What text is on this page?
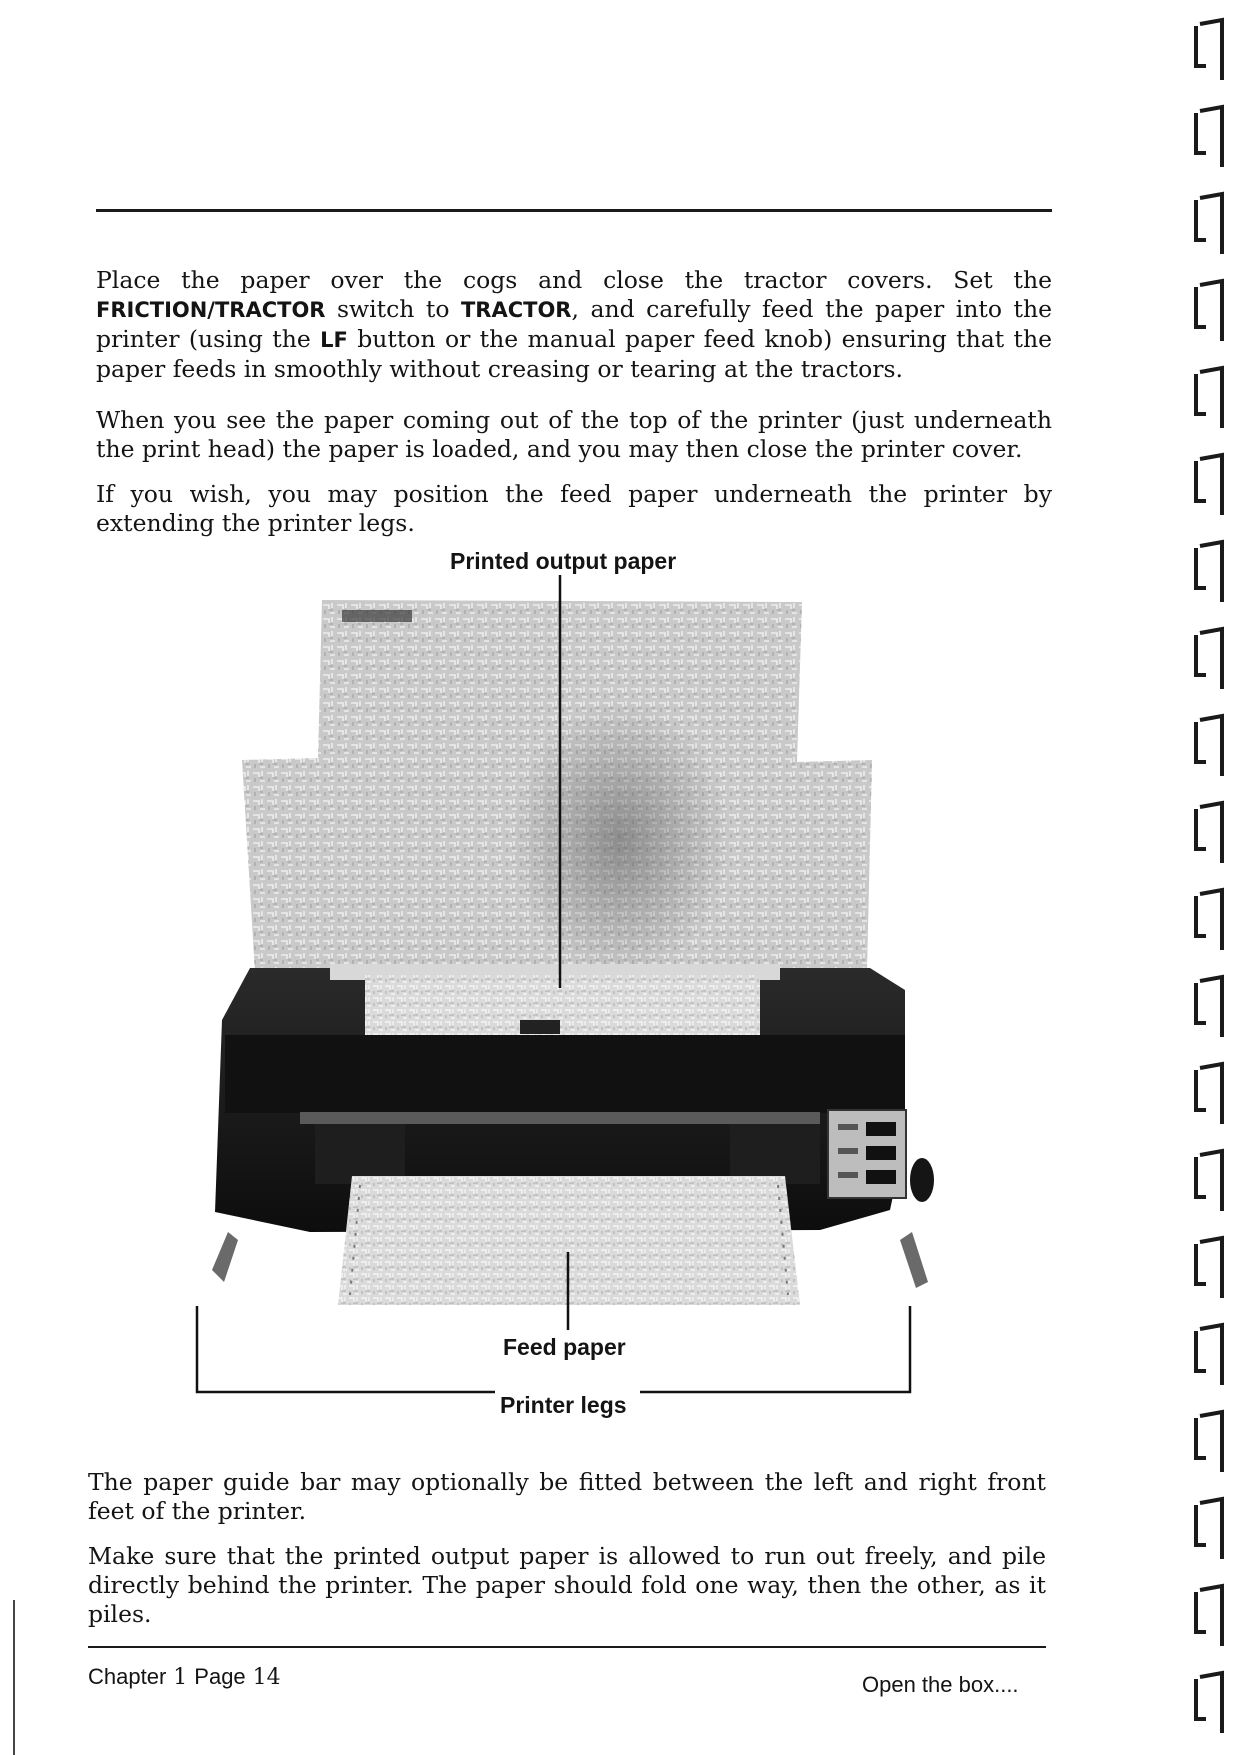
Place the paper over the cogs and close the tractor covers. Set the FRICTION/TRACTOR switch to TRACTOR, and carefully feed the paper into the printer (using the LF button or the manual paper feed knob) ensuring that the paper feeds in smoothly without creasing or tearing at the tractors.

When you see the paper coming out of the top of the printer (just underneath the print head) the paper is loaded, and you may then close the printer cover.

If you wish, you may position the feed paper underneath the printer by extending the printer legs.

Printed output paper
Feed paper
Printer legs

The paper guide bar may optionally be fitted between the left and right front feet of the printer.

Make sure that the printed output paper is allowed to run out freely, and pile directly behind the printer. The paper should fold one way, then the other, as it piles.

Chapter 1 Page 14	Open the box....
